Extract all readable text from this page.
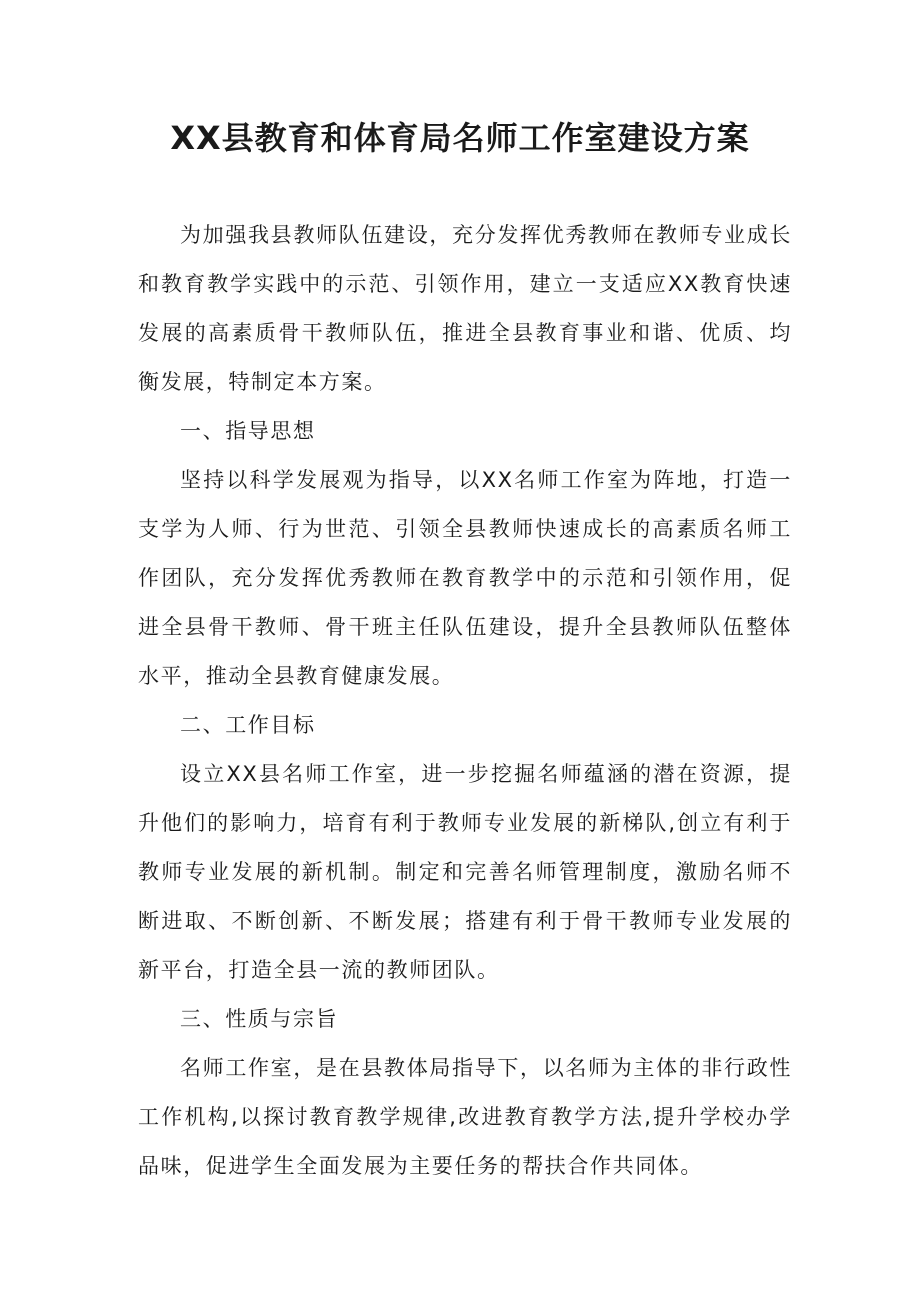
XX县教育和体育局名师工作室建设方案

为加强我县教师队伍建设，充分发挥优秀教师在教师专业成长和教育教学实践中的示范、引领作用，建立一支适应XX教育快速发展的高素质骨干教师队伍，推进全县教育事业和谐、优质、均衡发展，特制定本方案。

一、指导思想

坚持以科学发展观为指导，以XX名师工作室为阵地，打造一支学为人师、行为世范、引领全县教师快速成长的高素质名师工作团队，充分发挥优秀教师在教育教学中的示范和引领作用，促进全县骨干教师、骨干班主任队伍建设，提升全县教师队伍整体水平，推动全县教育健康发展。

二、工作目标

设立XX县名师工作室，进一步挖掘名师蕴涵的潜在资源，提升他们的影响力，培育有利于教师专业发展的新梯队,创立有利于教师专业发展的新机制。制定和完善名师管理制度，激励名师不断进取、不断创新、不断发展；搭建有利于骨干教师专业发展的新平台，打造全县一流的教师团队。

三、性质与宗旨

名师工作室，是在县教体局指导下，以名师为主体的非行政性工作机构,以探讨教育教学规律,改进教育教学方法,提升学校办学品味，促进学生全面发展为主要任务的帮扶合作共同体。
